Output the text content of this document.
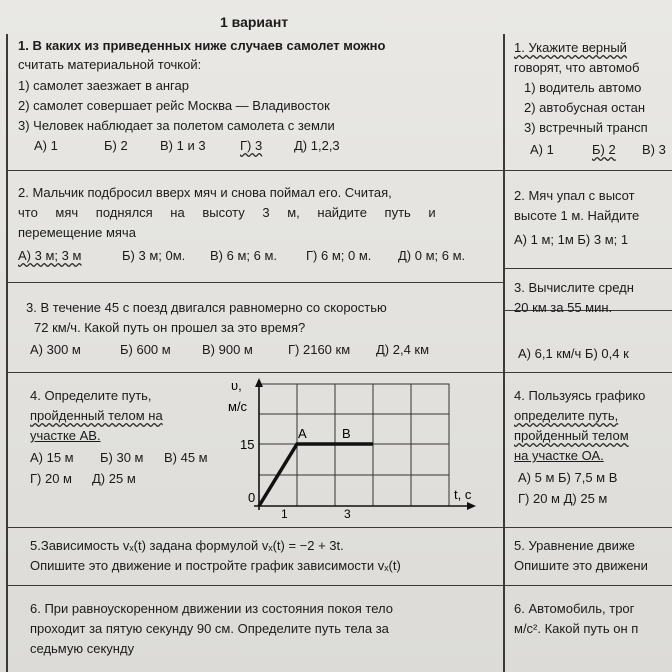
1 вариант
1. В каких из приведенных ниже случаев самолет можно
считать материальной точкой:
1) самолет заезжает в ангар
2) самолет совершает рейс Москва — Владивосток
3) Человек наблюдает за полетом самолета с земли
А) 1	Б) 2 В) 1 и 3	Г) 3 Д) 1,2,3
2. Мальчик подбросил вверх мяч и снова поймал его. Считая,
что мяч поднялся на высоту 3 м, найдите путь и
перемещение мяча
А) 3 м; 3 м	Б) 3 м; 0м. В) 6 м; 6 м. Г) 6 м; 0 м. Д) 0 м; 6 м.
3. В течение 45 с поезд двигался равномерно со скоростью
72 км/ч. Какой путь он прошел за это время?
А) 300 м	Б) 600 м В) 900 м	Г) 2160 км Д) 2,4 км
4. Определите путь,
пройденный телом на
участке АВ.
А) 15 м Б) 30 м В) 45 м
Г) 20 м Д) 25 м
υ,
м/с
15
0	t, c
1	3
A	B
5.Зависимость vₓ(t) задана формулой vₓ(t) = −2 + 3t.
Опишите это движение и постройте график зависимости vₓ(t)
6. При равноускоренном движении из состояния покоя тело
проходит за пятую секунду 90 см. Определите путь тела за
седьмую секунду
1. Укажите верный
говорят, что автомоб
1) водитель автомо
2) автобусная остан
3) встречный трансп
А) 1	Б) 2 В) 3
2. Мяч упал с высот
высоте 1 м. Найдите
А) 1 м; 1м Б) 3 м; 1
3. Вычислите средн
20 км за 55 мин.
А) 6,1 км/ч Б) 0,4 к
4. Пользуясь графико
определите путь,
пройденный телом
на участке ОА.
А) 5 м Б) 7,5 м В
Г) 20 м Д) 25 м
5. Уравнение движе
Опишите это движени
6. Автомобиль, трог
м/с². Какой путь он п
